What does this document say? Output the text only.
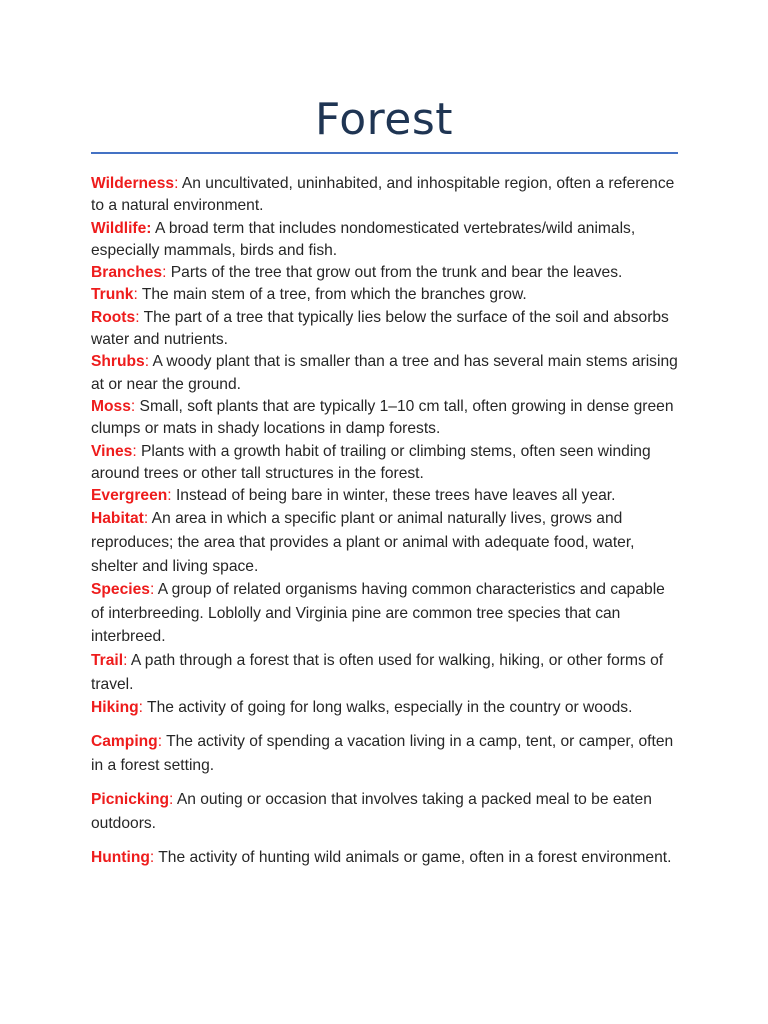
Forest

Wilderness: An uncultivated, uninhabited, and inhospitable region, often a reference to a natural environment.

Wildlife: A broad term that includes nondomesticated vertebrates/wild animals, especially mammals, birds and fish.

Branches: Parts of the tree that grow out from the trunk and bear the leaves.

Trunk: The main stem of a tree, from which the branches grow.

Roots: The part of a tree that typically lies below the surface of the soil and absorbs water and nutrients.

Shrubs: A woody plant that is smaller than a tree and has several main stems arising at or near the ground.

Moss: Small, soft plants that are typically 1–10 cm tall, often growing in dense green clumps or mats in shady locations in damp forests.

Vines: Plants with a growth habit of trailing or climbing stems, often seen winding around trees or other tall structures in the forest.

Evergreen: Instead of being bare in winter, these trees have leaves all year.

Habitat: An area in which a specific plant or animal naturally lives, grows and reproduces; the area that provides a plant or animal with adequate food, water, shelter and living space.

Species: A group of related organisms having common characteristics and capable of interbreeding. Loblolly and Virginia pine are common tree species that can interbreed.

Trail: A path through a forest that is often used for walking, hiking, or other forms of travel.

Hiking: The activity of going for long walks, especially in the country or woods.

Camping: The activity of spending a vacation living in a camp, tent, or camper, often in a forest setting.

Picnicking: An outing or occasion that involves taking a packed meal to be eaten outdoors.

Hunting: The activity of hunting wild animals or game, often in a forest environment.
